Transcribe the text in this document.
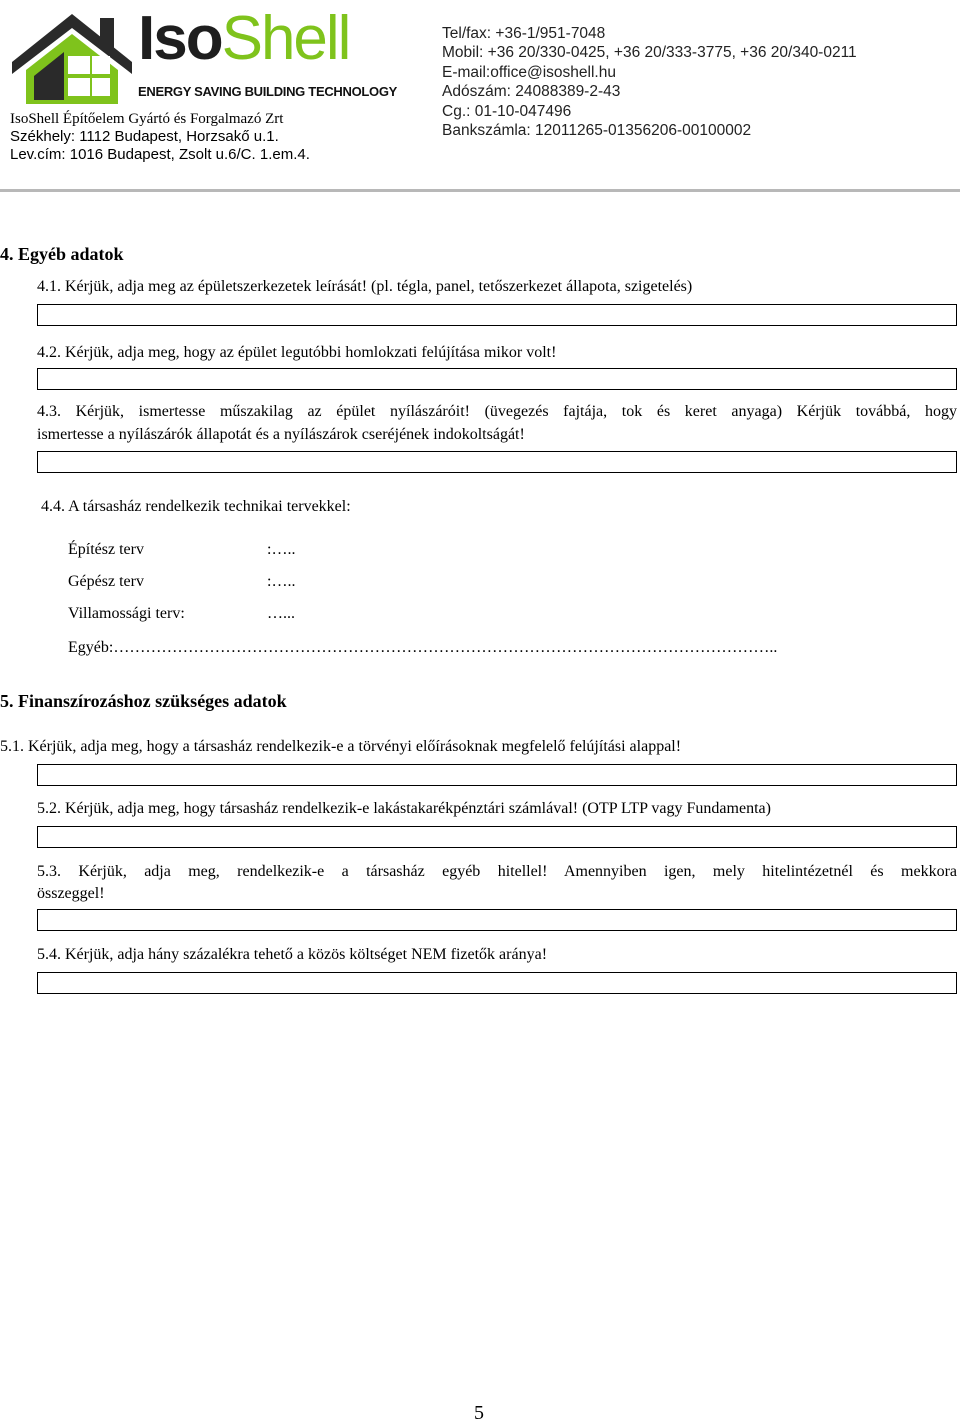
IsoShell
ENERGY SAVING BUILDING TECHNOLOGY
IsoShell Építőelem Gyártó és Forgalmazó Zrt
Székhely: 1112 Budapest, Horzsakő u.1.
Lev.cím: 1016 Budapest, Zsolt u.6/C. 1.em.4.
Tel/fax: +36-1/951-7048
Mobil: +36 20/330-0425, +36 20/333-3775, +36 20/340-0211
E-mail:office@isoshell.hu
Adószám: 24088389-2-43
Cg.: 01-10-047496
Bankszámla: 12011265-01356206-00100002
4. Egyéb adatok
4.1. Kérjük, adja meg az épületszerkezetek leírását! (pl. tégla, panel, tetőszerkezet állapota, szigetelés)
4.2. Kérjük, adja meg, hogy az épület legutóbbi homlokzati felújítása mikor volt!
4.3. Kérjük, ismertesse műszakilag az épület nyílászáróit! (üvegezés fajtája, tok és keret anyaga) Kérjük továbbá, hogy
ismertesse a nyílászárók állapotát és a nyílászárok cseréjének indokoltságát!
4.4. A társasház rendelkezik technikai tervekkel:
Építész terv	:…..
Gépész terv	:…..
Villamossági terv:	…...
Egyéb:……………………………………………………………………………………………………………..
5. Finanszírozáshoz szükséges adatok
5.1. Kérjük, adja meg, hogy a társasház rendelkezik-e a törvényi előírásoknak megfelelő felújítási alappal!
5.2. Kérjük, adja meg, hogy társasház rendelkezik-e lakástakarékpénztári számlával! (OTP LTP vagy Fundamenta)
5.3. Kérjük, adja meg, rendelkezik-e a társasház egyéb hitellel! Amennyiben igen, mely hitelintézetnél és mekkora
összeggel!
5.4. Kérjük, adja hány százalékra tehető a közös költséget NEM fizetők aránya!
5
